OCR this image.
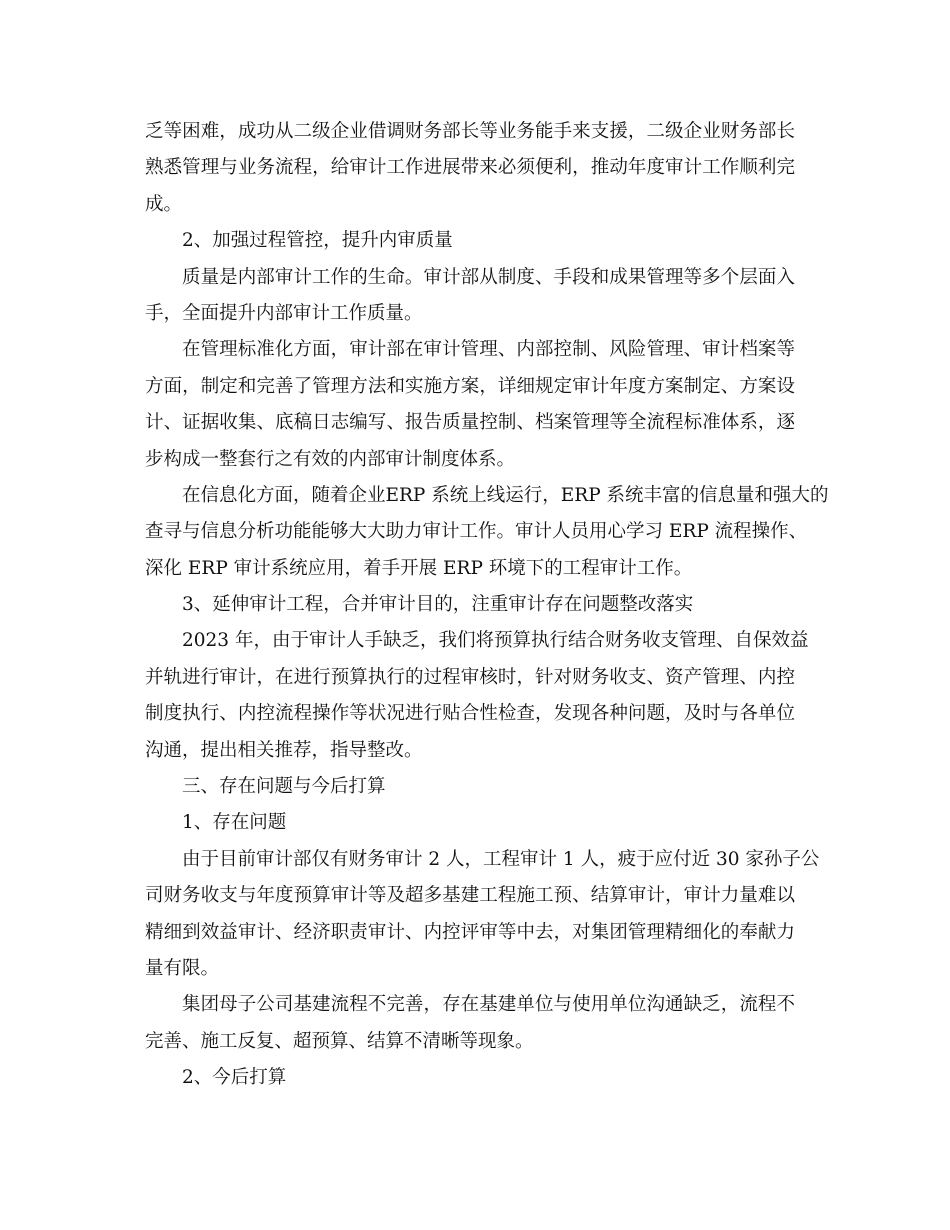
乏等困难，成功从二级企业借调财务部长等业务能手来支援，二级企业财务部长
熟悉管理与业务流程，给审计工作进展带来必须便利，推动年度审计工作顺利完
成。
2、加强过程管控，提升内审质量
质量是内部审计工作的生命。审计部从制度、手段和成果管理等多个层面入
手，全面提升内部审计工作质量。
在管理标准化方面，审计部在审计管理、内部控制、风险管理、审计档案等
方面，制定和完善了管理方法和实施方案，详细规定审计年度方案制定、方案设
计、证据收集、底稿日志编写、报告质量控制、档案管理等全流程标准体系，逐
步构成一整套行之有效的内部审计制度体系。
在信息化方面，随着企业ERP 系统上线运行，ERP 系统丰富的信息量和强大的
查寻与信息分析功能能够大大助力审计工作。审计人员用心学习 ERP 流程操作、
深化 ERP 审计系统应用，着手开展 ERP 环境下的工程审计工作。
3、延伸审计工程，合并审计目的，注重审计存在问题整改落实
2023 年，由于审计人手缺乏，我们将预算执行结合财务收支管理、自保效益
并轨进行审计，在进行预算执行的过程审核时，针对财务收支、资产管理、内控
制度执行、内控流程操作等状况进行贴合性检查，发现各种问题，及时与各单位
沟通，提出相关推荐，指导整改。
三、存在问题与今后打算
1、存在问题
由于目前审计部仅有财务审计 2 人，工程审计 1 人，疲于应付近 30 家孙子公
司财务收支与年度预算审计等及超多基建工程施工预、结算审计，审计力量难以
精细到效益审计、经济职责审计、内控评审等中去，对集团管理精细化的奉献力
量有限。
集团母子公司基建流程不完善，存在基建单位与使用单位沟通缺乏，流程不
完善、施工反复、超预算、结算不清晰等现象。
2、今后打算
